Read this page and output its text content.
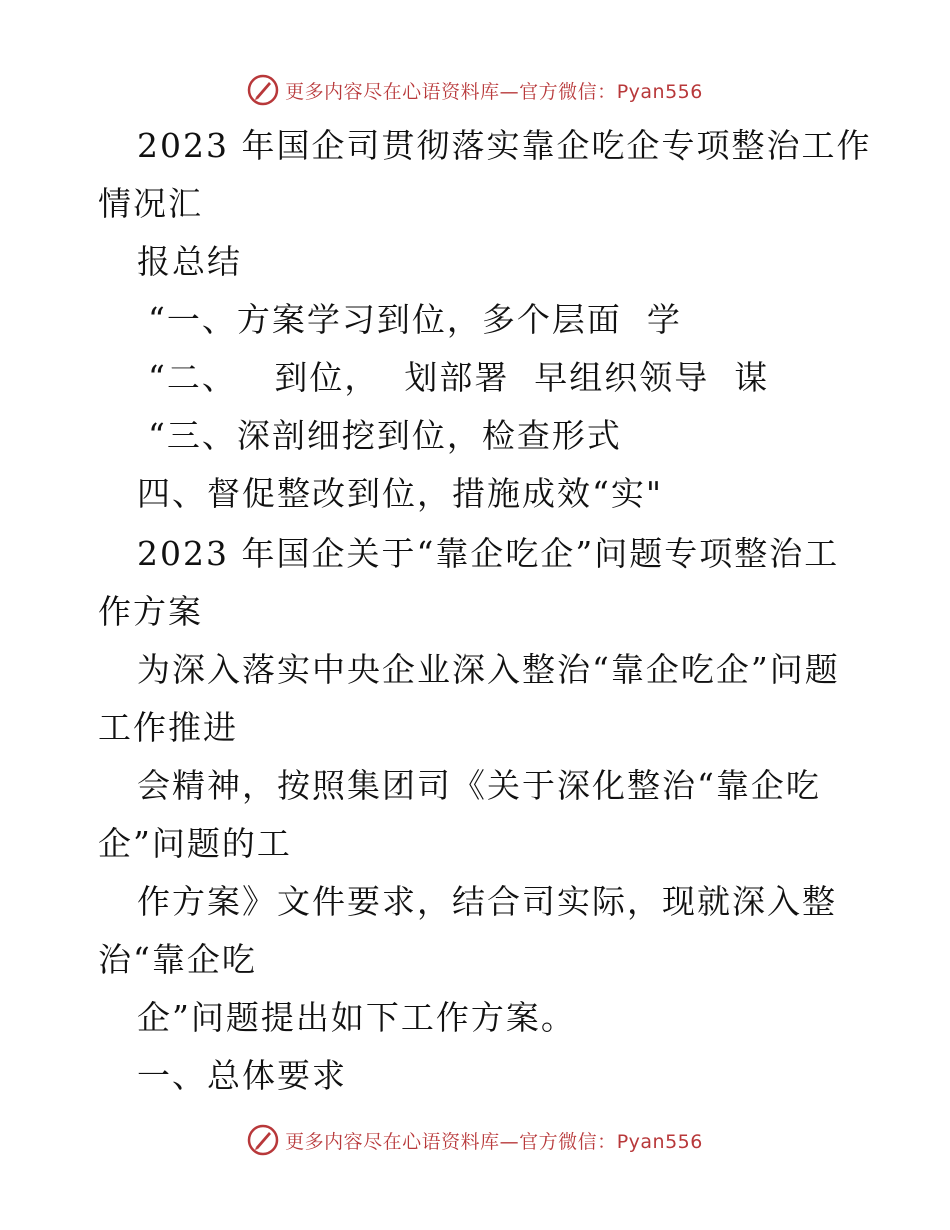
更多内容尽在心语资料库—官方微信：Pyan556
2023 年国企司贯彻落实靠企吃企专项整治工作
情况汇
报总结
“一、方案学习到位，多个层面  学
“二、   到位，  划部署  早组织领导  谋
“三、深剖细挖到位，检查形式
四、督促整改到位，措施成效“实"
2023 年国企关于“靠企吃企”问题专项整治工
作方案
为深入落实中央企业深入整治“靠企吃企”问题
工作推进
会精神，按照集团司《关于深化整治“靠企吃
企”问题的工
作方案》文件要求，结合司实际，现就深入整
治“靠企吃
企”问题提出如下工作方案。
一、总体要求
更多内容尽在心语资料库—官方微信：Pyan556
